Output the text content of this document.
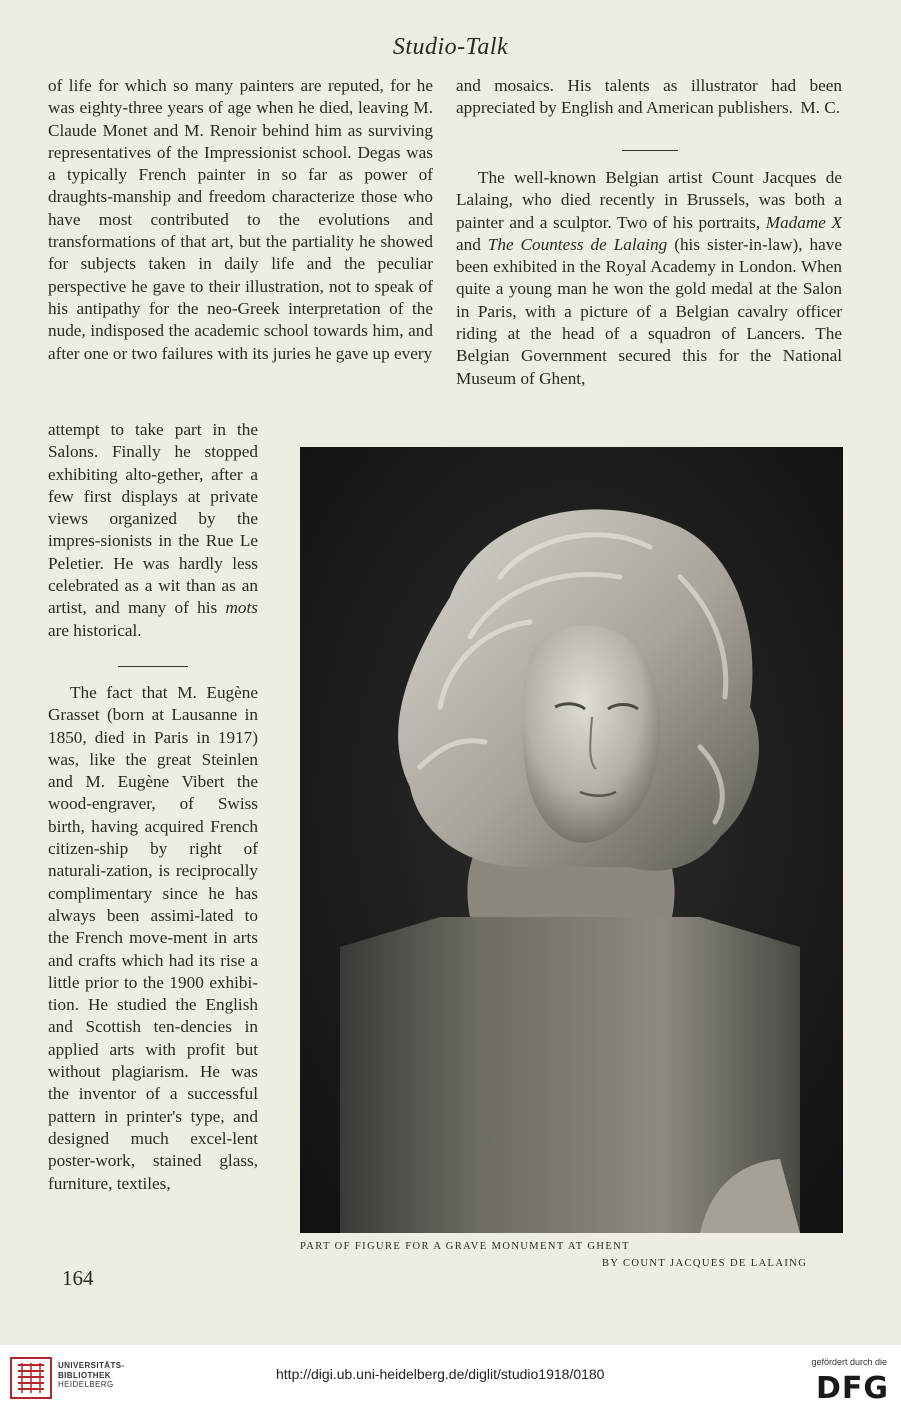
Studio-Talk

of life for which so many painters are reputed, for he was eighty-three years of age when he died, leaving M. Claude Monet and M. Renoir behind him as surviving representatives of the Impressionist school. Degas was a typically French painter in so far as power of draughts-manship and freedom characterize those who have most contributed to the evolutions and transformations of that art, but the partiality he showed for subjects taken in daily life and the peculiar perspective he gave to their illustration, not to speak of his antipathy for the neo-Greek interpretation of the nude, indisposed the academic school towards him, and after one or two failures with its juries he gave up every

attempt to take part in the Salons. Finally he stopped exhibiting alto-gether, after a few first displays at private views organized by the impres-sionists in the Rue Le Peletier. He was hardly less celebrated as a wit than as an artist, and many of his mots are historical.

The fact that M. Eugène Grasset (born at Lausanne in 1850, died in Paris in 1917) was, like the great Steinlen and M. Eugène Vibert the wood-engraver, of Swiss birth, having acquired French citizen-ship by right of naturali-zation, is reciprocally complimentary since he has always been assimi-lated to the French move-ment in arts and crafts which had its rise a little prior to the 1900 exhibi-tion. He studied the English and Scottish ten-dencies in applied arts with profit but without plagiarism. He was the inventor of a successful pattern in printer's type, and designed much excel-lent poster-work, stained glass, furniture, textiles,

and mosaics. His talents as illustrator had been appreciated by English and American publishers. M. C.

The well-known Belgian artist Count Jacques de Lalaing, who died recently in Brussels, was both a painter and a sculptor. Two of his portraits, Madame X and The Countess de Lalaing (his sister-in-law), have been exhibited in the Royal Academy in London. When quite a young man he won the gold medal at the Salon in Paris, with a picture of a Belgian cavalry officer riding at the head of a squadron of Lancers. The Belgian Government secured this for the National Museum of Ghent,

PART OF FIGURE FOR A GRAVE MONUMENT AT GHENT
BY COUNT JACQUES DE LALAING
164
UNIVERSITÄTS-
BIBLIOTHEK
HEIDELBERG
http://digi.ub.uni-heidelberg.de/diglit/studio1918/0180
gefördert durch die
DFG
